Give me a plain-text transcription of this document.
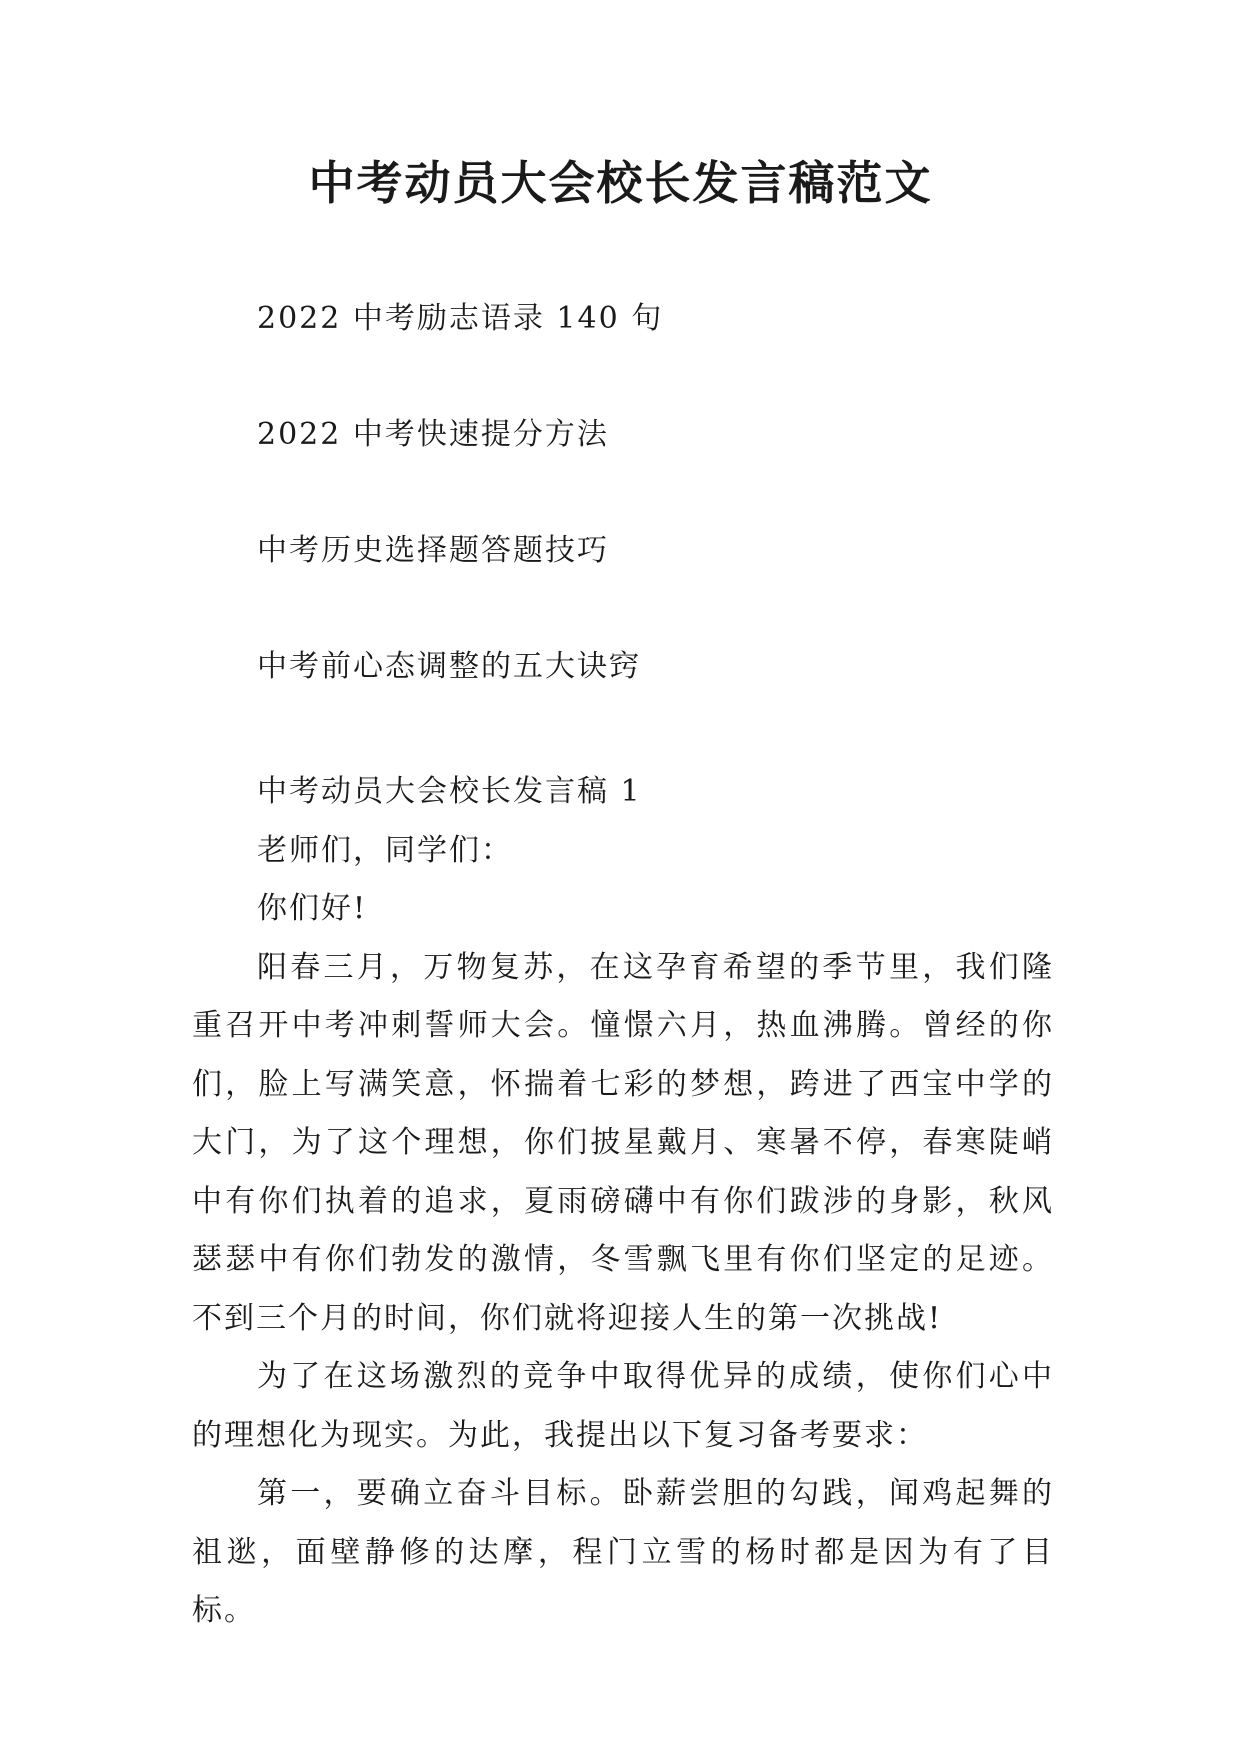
中考动员大会校长发言稿范文
2022 中考励志语录 140 句
2022 中考快速提分方法
中考历史选择题答题技巧
中考前心态调整的五大诀窍

中考动员大会校长发言稿 1

老师们，同学们：

你们好!

阳春三月，万物复苏，在这孕育希望的季节里，我们隆重召开中考冲刺誓师大会。憧憬六月，热血沸腾。曾经的你们，脸上写满笑意，怀揣着七彩的梦想，跨进了西宝中学的大门，为了这个理想，你们披星戴月、寒暑不停，春寒陡峭中有你们执着的追求，夏雨磅礴中有你们跋涉的身影，秋风瑟瑟中有你们勃发的激情，冬雪飘飞里有你们坚定的足迹。不到三个月的时间，你们就将迎接人生的第一次挑战!

为了在这场激烈的竞争中取得优异的成绩，使你们心中的理想化为现实。为此，我提出以下复习备考要求：

第一，要确立奋斗目标。卧薪尝胆的勾践，闻鸡起舞的祖逖，面壁静修的达摩，程门立雪的杨时都是因为有了目标。
